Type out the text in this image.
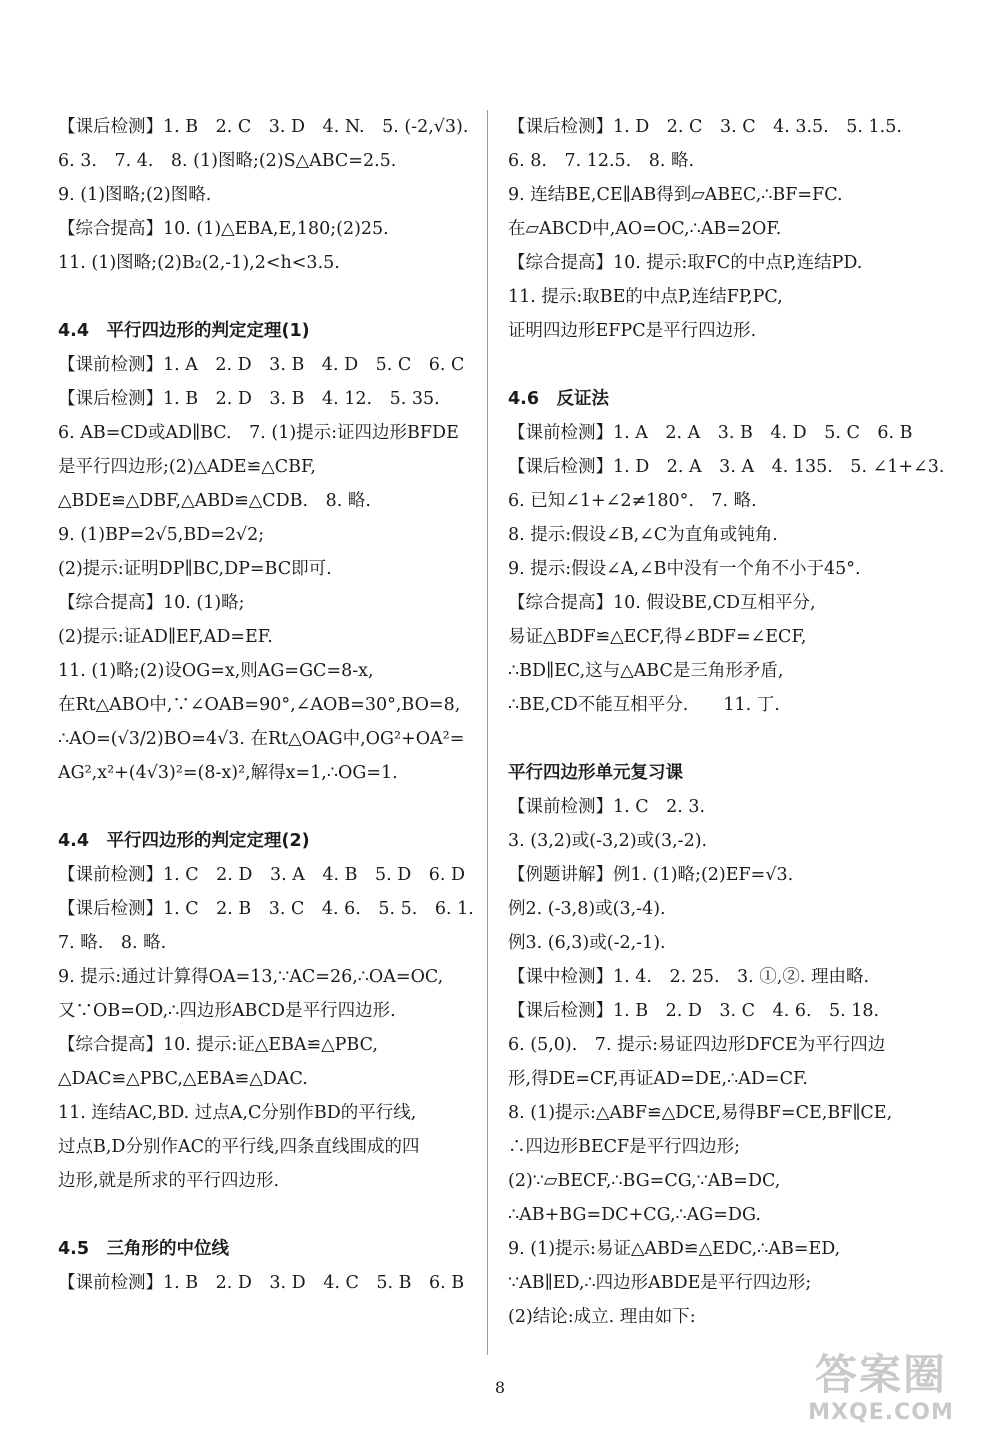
【课后检测】1. B　2. C　3. D　4. N.　5. (-2,√3).
6. 3.　7. 4.　8. (1)图略;(2)S△ABC=2.5.
9. (1)图略;(2)图略.
【综合提高】10. (1)△EBA,E,180;(2)25.
11. (1)图略;(2)B₂(2,-1),2<h<3.5.
4.4　平行四边形的判定定理(1)
【课前检测】1. A　2. D　3. B　4. D　5. C　6. C
【课后检测】1. B　2. D　3. B　4. 12.　5. 35.
6. AB=CD或AD∥BC.　7. (1)提示:证四边形BFDE
是平行四边形;(2)△ADE≌△CBF,
△BDE≌△DBF,△ABD≌△CDB.　8. 略.
9. (1)BP=2√5,BD=2√2;
(2)提示:证明DP∥BC,DP=BC即可.
【综合提高】10. (1)略;
(2)提示:证AD∥EF,AD=EF.
11. (1)略;(2)设OG=x,则AG=GC=8-x,
在Rt△ABO中,∵∠OAB=90°,∠AOB=30°,BO=8,
∴AO=(√3/2)BO=4√3. 在Rt△OAG中,OG²+OA²=
AG²,x²+(4√3)²=(8-x)²,解得x=1,∴OG=1.
4.4　平行四边形的判定定理(2)
【课前检测】1. C　2. D　3. A　4. B　5. D　6. D
【课后检测】1. C　2. B　3. C　4. 6.　5. 5.　6. 1.
7. 略.　8. 略.
9. 提示:通过计算得OA=13,∵AC=26,∴OA=OC,
又∵OB=OD,∴四边形ABCD是平行四边形.
【综合提高】10. 提示:证△EBA≌△PBC,
△DAC≌△PBC,△EBA≌△DAC.
11. 连结AC,BD. 过点A,C分别作BD的平行线,
过点B,D分别作AC的平行线,四条直线围成的四
边形,就是所求的平行四边形.
4.5　三角形的中位线
【课前检测】1. B　2. D　3. D　4. C　5. B　6. B
【课后检测】1. D　2. C　3. C　4. 3.5.　5. 1.5.
6. 8.　7. 12.5.　8. 略.
9. 连结BE,CE∥AB得到▱ABEC,∴BF=FC.
在▱ABCD中,AO=OC,∴AB=2OF.
【综合提高】10. 提示:取FC的中点P,连结PD.
11. 提示:取BE的中点P,连结FP,PC,
证明四边形EFPC是平行四边形.
4.6　反证法
【课前检测】1. A　2. A　3. B　4. D　5. C　6. B
【课后检测】1. D　2. A　3. A　4. 135.　5. ∠1+∠3.
6. 已知∠1+∠2≠180°.　7. 略.
8. 提示:假设∠B,∠C为直角或钝角.
9. 提示:假设∠A,∠B中没有一个角不小于45°.
【综合提高】10. 假设BE,CD互相平分,
易证△BDF≌△ECF,得∠BDF=∠ECF,
∴BD∥EC,这与△ABC是三角形矛盾,
∴BE,CD不能互相平分.　　11. 丁.
平行四边形单元复习课
【课前检测】1. C　2. 3.
3. (3,2)或(-3,2)或(3,-2).
【例题讲解】例1. (1)略;(2)EF=√3.
例2. (-3,8)或(3,-4).
例3. (6,3)或(-2,-1).
【课中检测】1. 4.　2. 25.　3. ①,②. 理由略.
【课后检测】1. B　2. D　3. C　4. 6.　5. 18.
6. (5,0).　7. 提示:易证四边形DFCE为平行四边
形,得DE=CF,再证AD=DE,∴AD=CF.
8. (1)提示:△ABF≌△DCE,易得BF=CE,BF∥CE,
∴四边形BECF是平行四边形;
(2)∵▱BECF,∴BG=CG,∵AB=DC,
∴AB+BG=DC+CG,∴AG=DG.
9. (1)提示:易证△ABD≌△EDC,∴AB=ED,
∵AB∥ED,∴四边形ABDE是平行四边形;
(2)结论:成立. 理由如下:
8	答案圈
MXQE.COM
